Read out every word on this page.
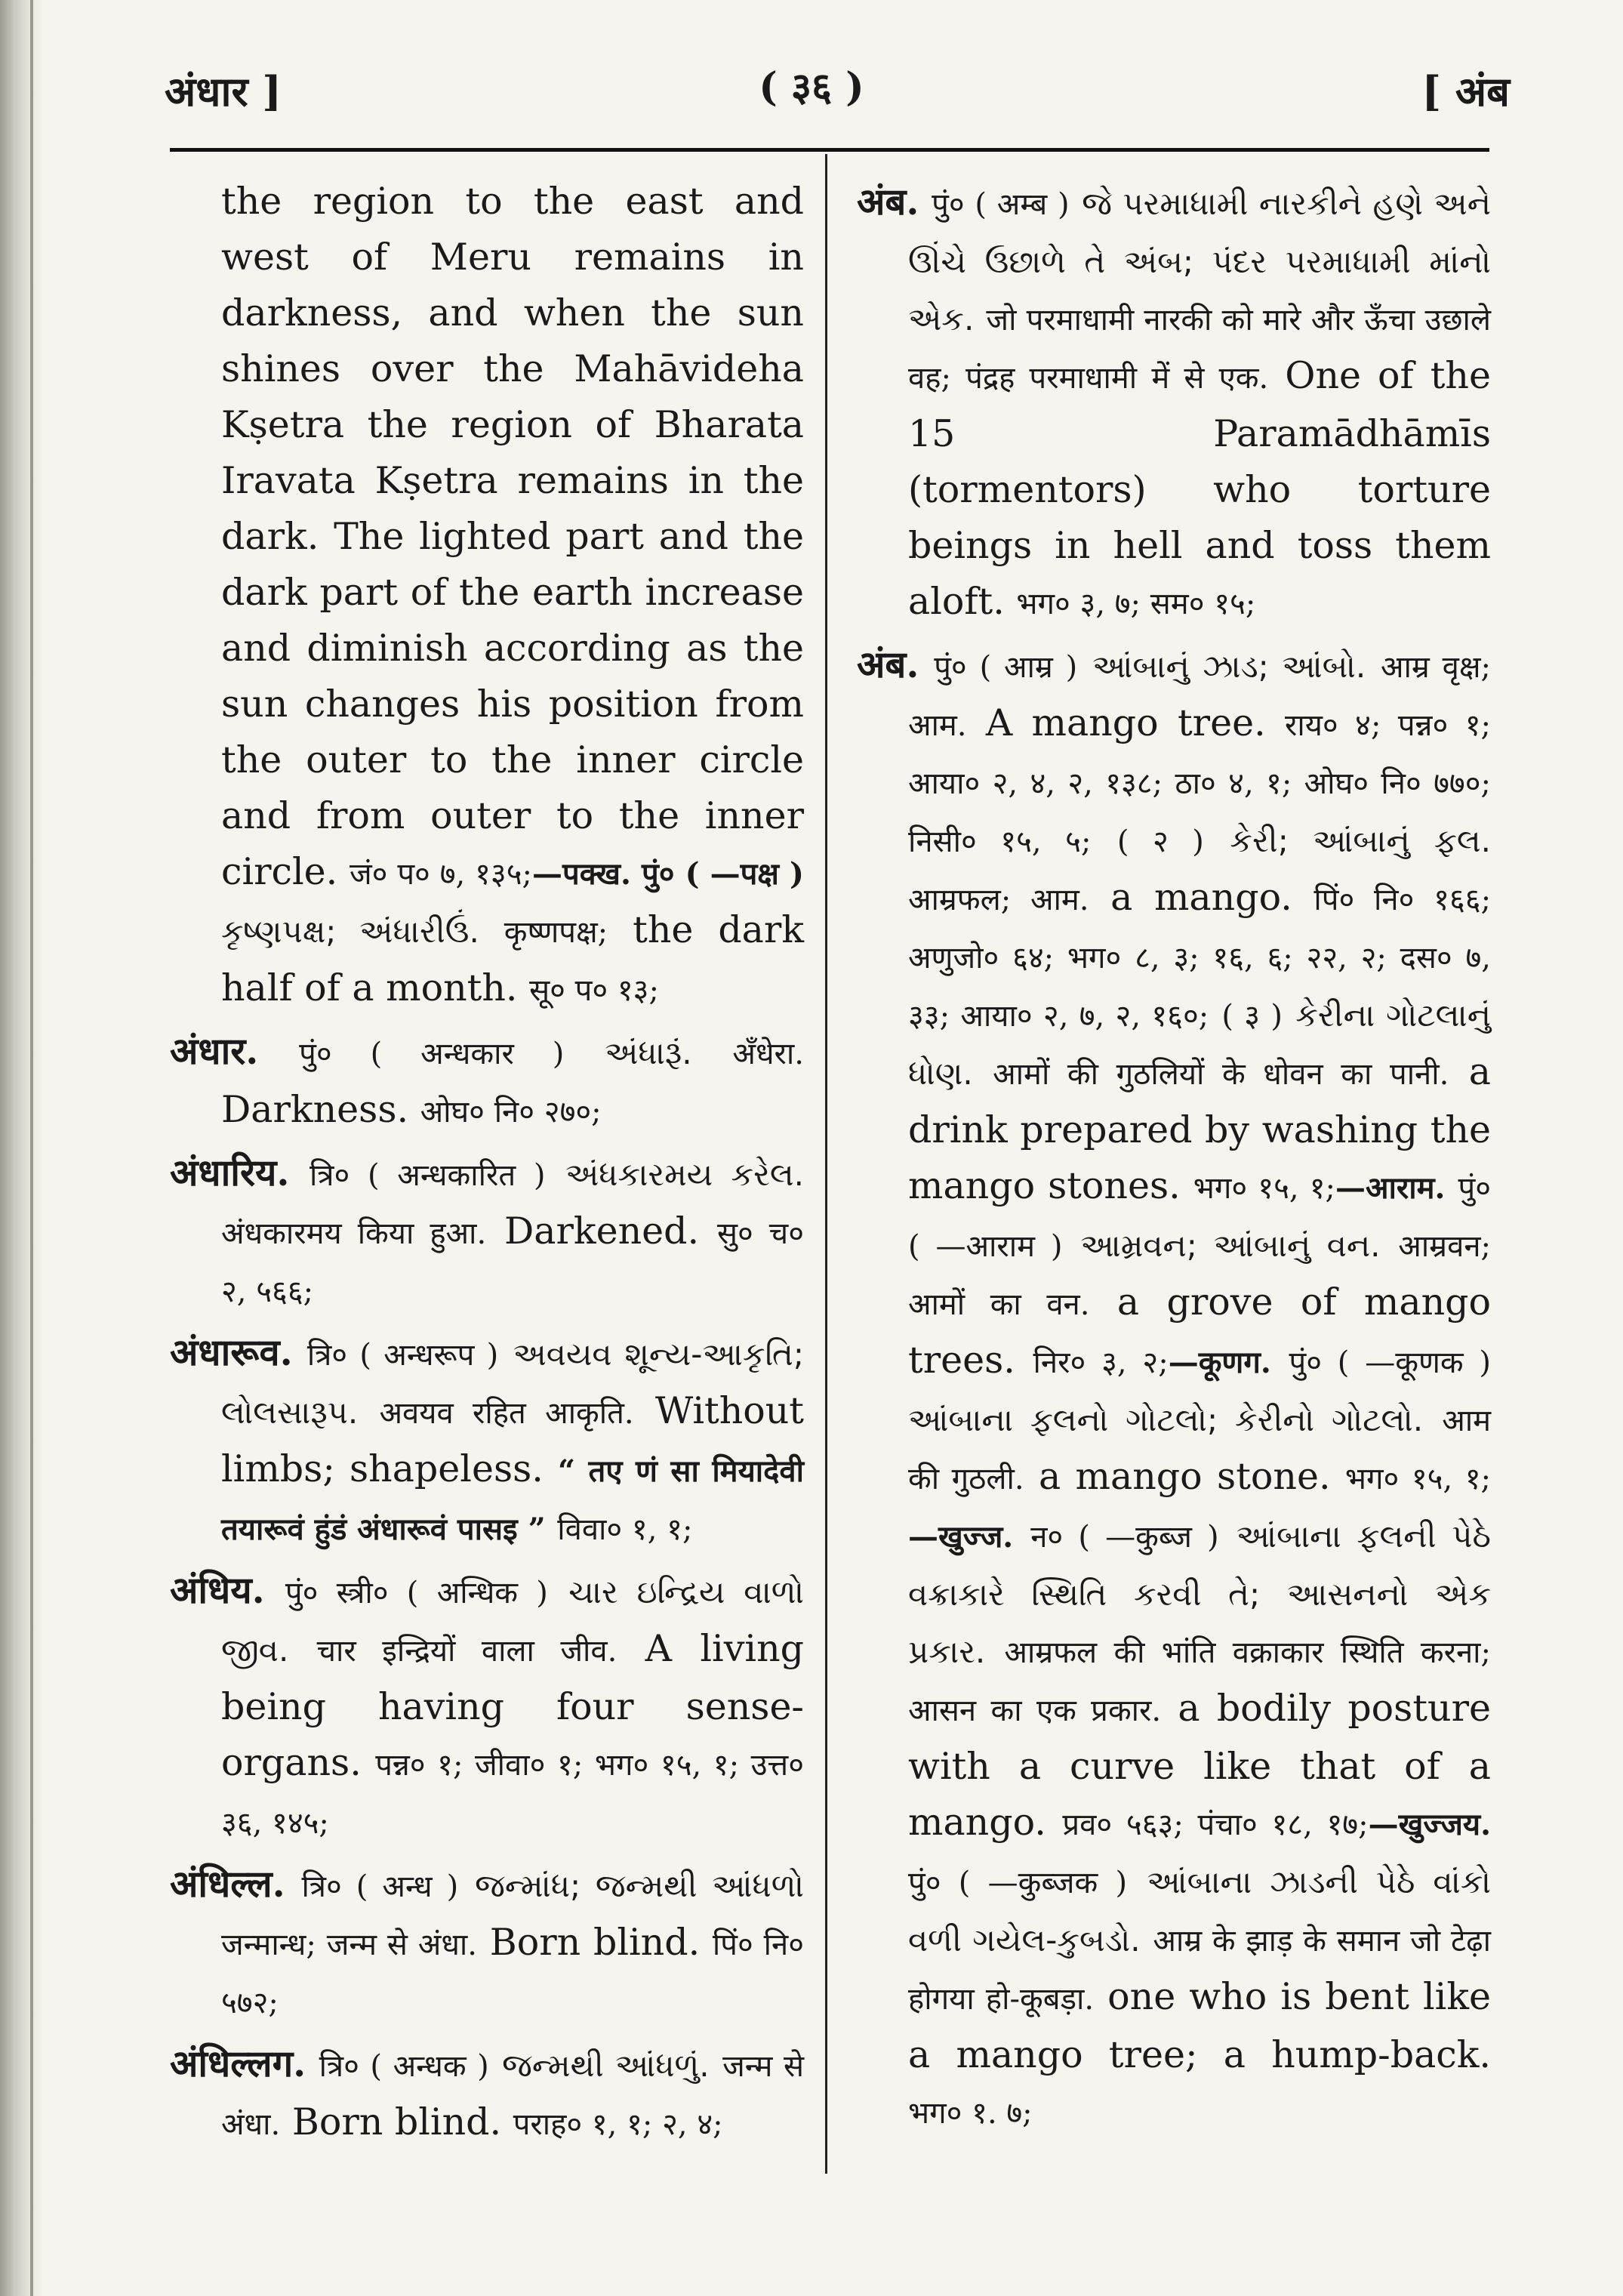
अंधार ]	( ३६ )	[ अंब

the region to the east and west of Meru remains in darkness, and when the sun shines over the Mahāvideha Kṣetra the region of Bharata Iravata Kṣetra remains in the dark. The lighted part and the dark part of the earth increase and diminish according as the sun changes his position from the outer to the inner circle and from outer to the inner circle. जं० प० ७, १३५;—पक्ख. पुं० ( —पक्ष ) કૃષ્ણપક્ષ; અંધારીઉં. कृष्णपक्ष; the dark half of a month. सू० प० १३;

अंधार. पुं० ( अन्धकार ) અંધારૂં. अँधेरा. Darkness. ओघ० नि० २७०;

अंधारिय. त्रि० ( अन्धकारित ) અંધકારમય કરેલ. अंधकारमय किया हुआ. Darkened. सु० च० २, ५६६;

अंधारूव. त्रि० ( अन्धरूप ) અવયવ શૂન્ય-આકૃતિ; લોલસારૂપ. अवयव रहित आकृति. Without limbs; shapeless. “ तए णं सा मियादेवी तयारूवं हुंडं अंधारूवं पासइ ” विवा० १, १;

अंधिय. पुं० स्त्री० ( अन्धिक ) ચાર ઇન્દ્રિય વાળો જીવ. चार इन्द्रियों वाला जीव. A living being having four sense-organs. पन्न० १; जीवा० १; भग० १५, १; उत्त० ३६, १४५;

अंधिल्ल. त्रि० ( अन्ध ) જન્માંધ; જન્મથી આંધળો जन्मान्ध; जन्म से अंधा. Born blind. पिं० नि० ५७२;

अंधिल्लग. त्रि० ( अन्धक ) જન્મથી આંધળું. जन्म से अंधा. Born blind. पराह० १, १; २, ४;

अंब. पुं० ( अम्ब ) જે પરમાધામી નારકીને હણે અને ઊંચે ઉછાળે તે અંબ; પંદર પરમાધામી માંનો એક. जो परमाधामी नारकी को मारे और ऊँचा उछाले वह; पंद्रह परमाधामी में से एक. One of the 15 Paramādhāmīs (tormentors) who torture beings in hell and toss them aloft. भग० ३, ७; सम० १५;

अंब. पुं० ( आम्र ) આંબાનું ઝાડ; આંબો. आम्र वृक्ष; आम. A mango tree. राय० ४; पन्न० १; आया० २, ४, २, १३८; ठा० ४, १; ओघ० नि० ७७०; निसी० १५, ५; ( २ ) કેરી; આંબાનું ફલ. आम्रफल; आम. a mango. पिं० नि० १६६; अणुजो० ६४; भग० ८, ३; १६, ६; २२, २; दस० ७, ३३; आया० २, ७, २, १६०; ( ३ ) કેરીના ગોટલાનું ધોણ. आमों की गुठलियों के धोवन का पानी. a drink prepared by washing the mango stones. भग० १५, १;—आराम. पुं० ( —आराम ) આમ્રવન; આંબાનું વન. आम्रवन; आमों का वन. a grove of mango trees. निर० ३, २;—कूणग. पुं० ( —कूणक ) આંબાના ફલનો ગોટલો; કેરીનો ગોટલો. आम की गुठली. a mango stone. भग० १५, १; —खुज्ज. न० ( —कुब्ज ) આંબાના ફલની પેઠે વક્રાકારે સ્થિતિ કરવી તે; આસનનો એક પ્રકાર. आम्रफल की भांति वक्राकार स्थिति करना; आसन का एक प्रकार. a bodily posture with a curve like that of a mango. प्रव० ५६३; पंचा० १८, १७;—खुज्जय. पुं० ( —कुब्जक ) આંબાના ઝાડની પેઠે વાંકો વળી ગયેલ-કુબડો. आम्र के झाड़ के समान जो टेढ़ा होगया हो-कूबड़ा. one who is bent like a mango tree; a hump-back. भग० १. ७;
